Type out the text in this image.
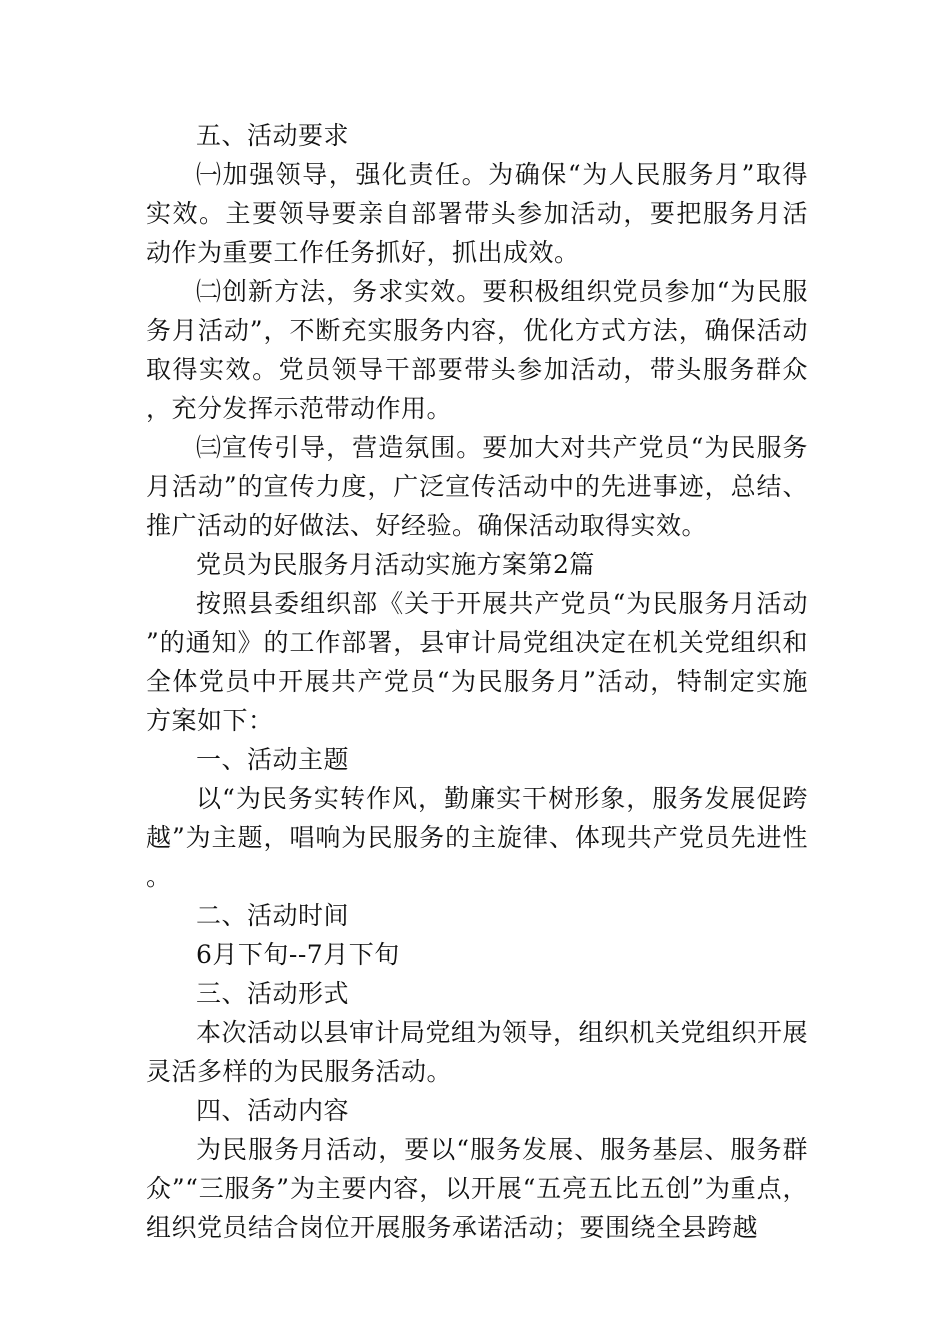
五、活动要求

㈠加强领导，强化责任。为确保“为人民服务月”取得实效。主要领导要亲自部署带头参加活动，要把服务月活动作为重要工作任务抓好，抓出成效。

㈡创新方法，务求实效。要积极组织党员参加“为民服务月活动”，不断充实服务内容，优化方式方法，确保活动取得实效。党员领导干部要带头参加活动，带头服务群众，充分发挥示范带动作用。

㈢宣传引导，营造氛围。要加大对共产党员“为民服务月活动”的宣传力度，广泛宣传活动中的先进事迹，总结、推广活动的好做法、好经验。确保活动取得实效。

党员为民服务月活动实施方案第2篇

按照县委组织部《关于开展共产党员“为民服务月活动”的通知》的工作部署，县审计局党组决定在机关党组织和全体党员中开展共产党员“为民服务月”活动，特制定实施方案如下：

一、活动主题

以“为民务实转作风，勤廉实干树形象，服务发展促跨越”为主题，唱响为民服务的主旋律、体现共产党员先进性。

二、活动时间

6月下旬--7月下旬

三、活动形式

本次活动以县审计局党组为领导，组织机关党组织开展灵活多样的为民服务活动。

四、活动内容

为民服务月活动，要以“服务发展、服务基层、服务群众”“三服务”为主要内容，以开展“五亮五比五创”为重点，组织党员结合岗位开展服务承诺活动；要围绕全县跨越
